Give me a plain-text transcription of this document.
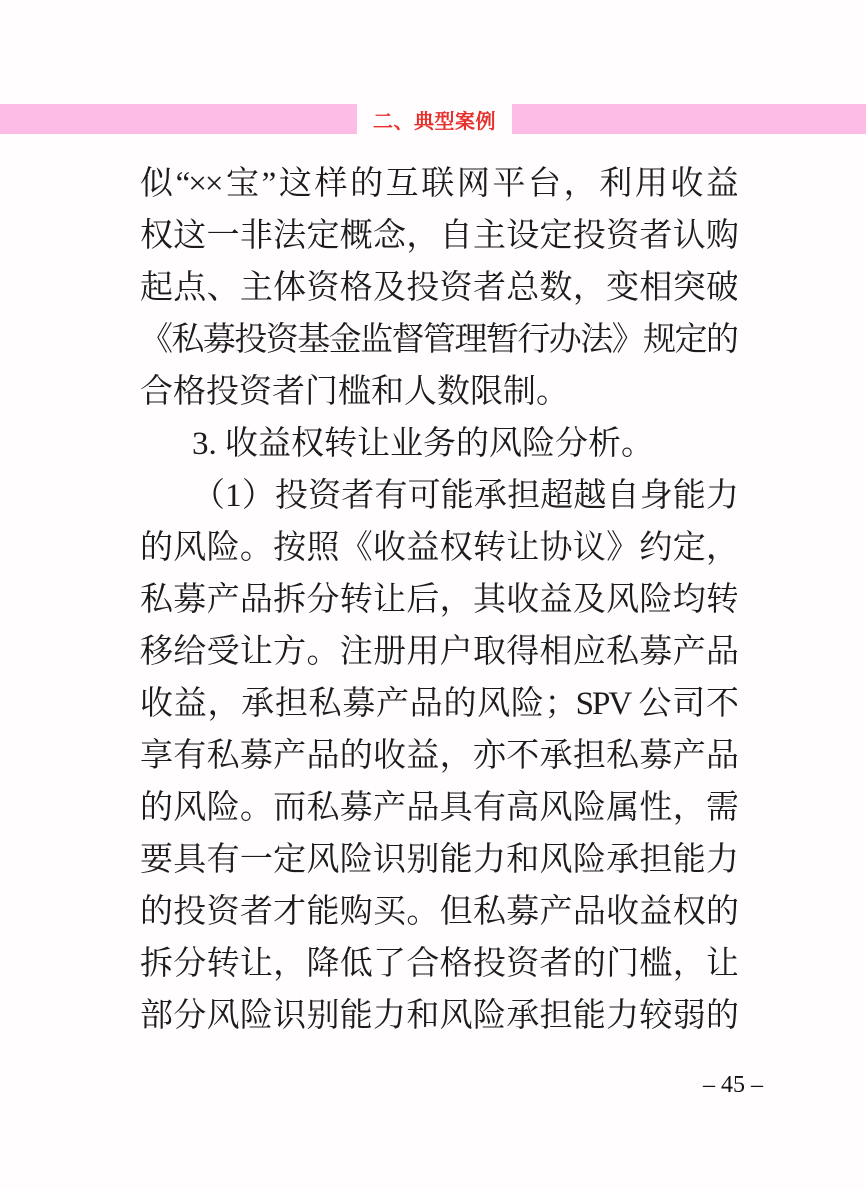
二、典型案例
似“××宝”这样的互联网平台，利用收益
权这一非法定概念，自主设定投资者认购
起点、主体资格及投资者总数，变相突破
《私募投资基金监督管理暂行办法》规定的
合格投资者门槛和人数限制。
3. 收益权转让业务的风险分析。
（1）投资者有可能承担超越自身能力
的风险。按照《收益权转让协议》约定，
私募产品拆分转让后，其收益及风险均转
移给受让方。注册用户取得相应私募产品
收益，承担私募产品的风险；SPV 公司不
享有私募产品的收益，亦不承担私募产品
的风险。而私募产品具有高风险属性，需
要具有一定风险识别能力和风险承担能力
的投资者才能购买。但私募产品收益权的
拆分转让，降低了合格投资者的门槛，让
部分风险识别能力和风险承担能力较弱的
– 45 –
